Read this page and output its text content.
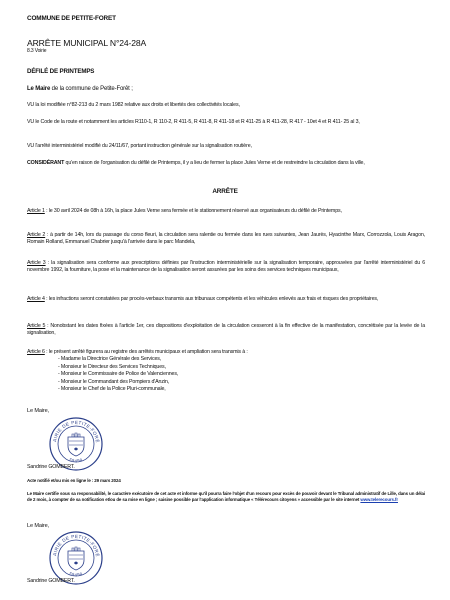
COMMUNE DE PETITE-FORET
ARRÊTE MUNICIPAL N°24-28A
8.3 Voirie
DÉFILÉ DE PRINTEMPS
Le Maire de la commune de Petite-Forêt ;
VU la loi modifiée n°82-213 du 2 mars 1982 relative aux droits et libertés des collectivités locales,
VU le Code de la route et notamment les articles R110-1, R 110-2, R 411-5, R 411-8, R 411-18 et R 411-25 à R 411-28, R 417 - 10et 4 et R 411- 25 al 3,
VU l'arrêté interministériel modifié du 24/11/67, portant instruction générale sur la signalisation routière,
CONSIDÉRANT qu'en raison de l'organisation du défilé de Printemps, il y a lieu de fermer la place Jules Verne et de restreindre la circulation dans la ville,
ARRÊTE
Article 1 : le 30 avril 2024 de 08h à 16h, la place Jules Verne sera fermée et le stationnement réservé aux organisateurs du défilé de Printemps,
Article 2 : à partir de 14h, lors du passage du corso fleuri, la circulation sera ralentie ou fermée dans les rues suivantes, Jean Jaurès, Hyacinthe Marx, Corrozzola, Louis Aragon, Romain Rolland, Emmanuel Chabrier jusqu'à l'arrivée dans le parc Mandela,
Article 3 : la signalisation sera conforme aux prescriptions définies par l'instruction interministérielle sur la signalisation temporaire, approuvées par l'arrêté interministériel du 6 novembre 1992, la fourniture, la pose et la maintenance de la signalisation seront assurées par les soins des services techniques municipaux,
Article 4 : les infractions seront constatées par procès-verbaux transmis aux tribunaux compétents et les véhicules enlevés aux frais et risques des propriétaires,
Article 5 : Nonobstant les dates fixées à l'article 1er, ces dispositions d'exploitation de la circulation cesseront à la fin effective de la manifestation, concrétisée par la levée de la signalisation,
Article 6 : le présent arrêté figurera au registre des arrêtés municipaux et ampliation sera transmis à :
- Madame la Directrice Générale des Services,
- Monsieur le Directeur des Services Techniques,
- Monsieur le Commissaire de Police de Valenciennes,
- Monsieur le Commandant des Pompiers d'Anzin,
- Monsieur le Chef de la Police Pluri-communale,
Le Maire,
AIRIE DE PETITE-FORÊ
59494
Sandrine GOMBERT.
Acte notifié et/ou mis en ligne le : 29 mars 2024
Le Maire certifie sous sa responsabilité, le caractère exécutoire de cet acte et informe qu'il pourra faire l'objet d'un recours pour excès de pouvoir devant le Tribunal administratif de Lille, dans un délai de 2 mois, à compter de sa notification et/ou de sa mise en ligne ; saisine possible par l'application informatique « Télérecours citoyens » accessible par le site internet www.telerecours.fr
Le Maire,
AIRIE DE PETITE-FORÊ
59494
Sandrine GOMBERT.
